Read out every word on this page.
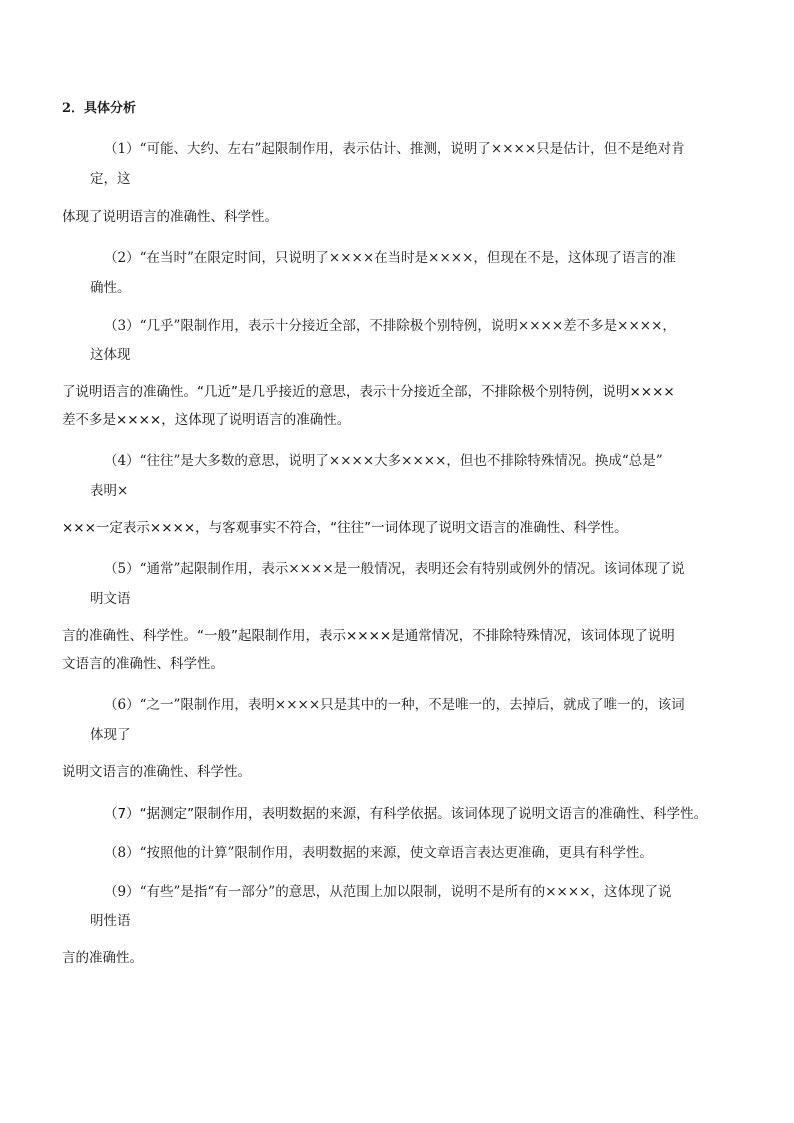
2．具体分析
（1）“可能、大约、左右”起限制作用，表示估计、推测，说明了××××只是估计，但不是绝对肯
定，这
体现了说明语言的准确性、科学性。
（2）“在当时”在限定时间，只说明了××××在当时是××××，但现在不是，这体现了语言的准
确性。
（3）“几乎”限制作用，表示十分接近全部，不排除极个别特例，说明××××差不多是××××，
这体现
了说明语言的准确性。“几近”是几乎接近的意思，表示十分接近全部，不排除极个别特例，说明××××
差不多是××××，这体现了说明语言的准确性。
（4）“往往”是大多数的意思，说明了××××大多××××，但也不排除特殊情况。换成“总是”
表明×
×××一定表示××××，与客观事实不符合，“往往”一词体现了说明文语言的准确性、科学性。
（5）“通常”起限制作用，表示××××是一般情况，表明还会有特别或例外的情况。该词体现了说
明文语
言的准确性、科学性。“一般”起限制作用，表示××××是通常情况，不排除特殊情况，该词体现了说明
文语言的准确性、科学性。
（6）“之一”限制作用，表明××××只是其中的一种，不是唯一的，去掉后，就成了唯一的，该词
体现了
说明文语言的准确性、科学性。
（7）“据测定”限制作用，表明数据的来源，有科学依据。该词体现了说明文语言的准确性、科学性。
（8）“按照他的计算”限制作用，表明数据的来源，使文章语言表达更准确，更具有科学性。
（9）“有些”是指“有一部分”的意思，从范围上加以限制，说明不是所有的××××，这体现了说
明性语
言的准确性。
